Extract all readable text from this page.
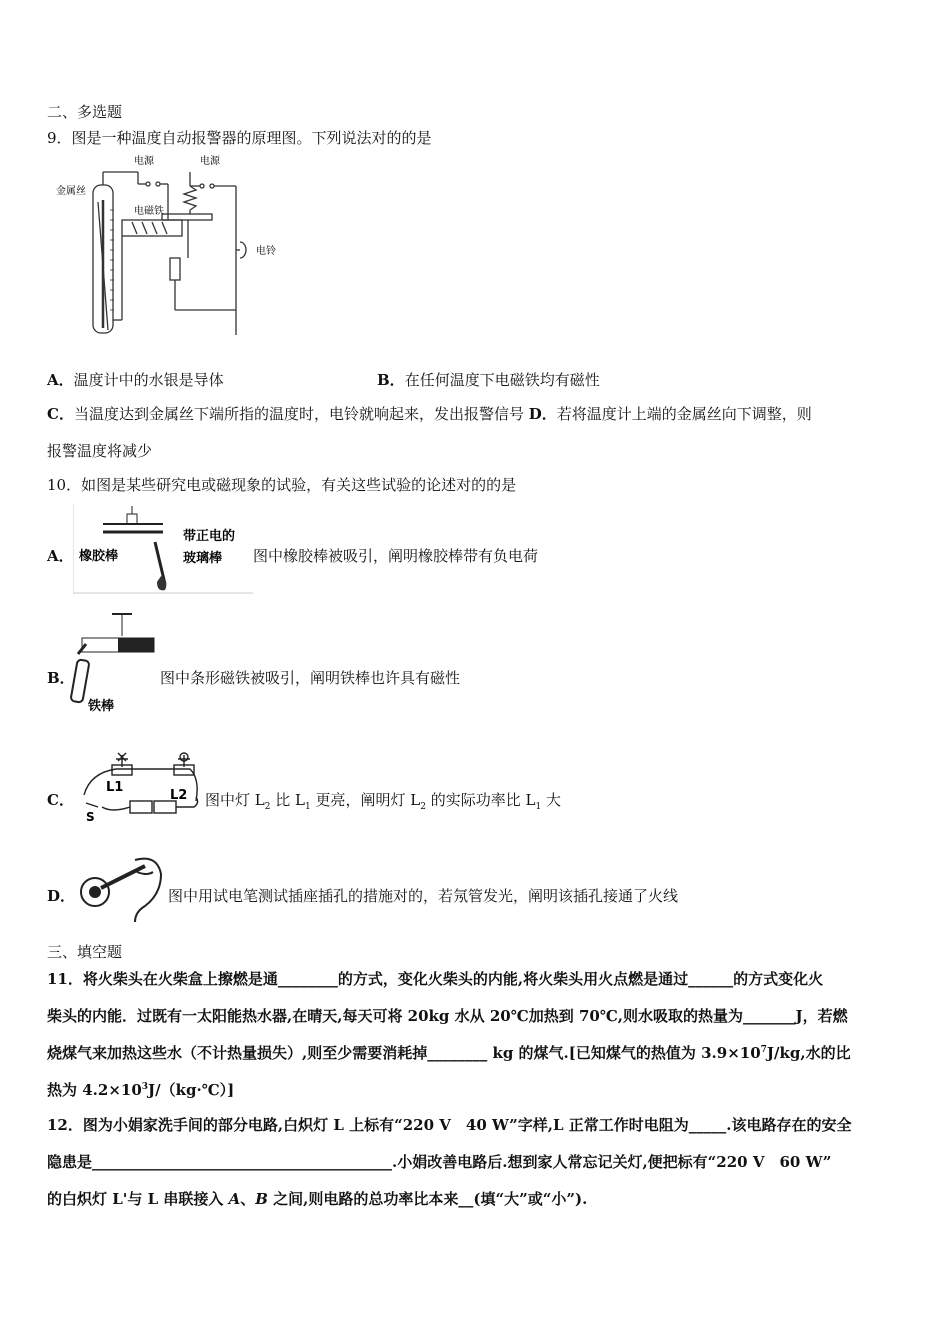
二、多选题
9．图是一种温度自动报警器的原理图。下列说法对的的是
金属丝
电源	电源
电磁铁
电铃
A．温度计中的水银是导体	B．在任何温度下电磁铁均有磁性
C．当温度达到金属丝下端所指的温度时，电铃就响起来，发出报警信号 D．若将温度计上端的金属丝向下调整，则
报警温度将减少
10．如图是某些研究电或磁现象的试验，有关这些试验的论述对的的是
A． 橡胶棒
带正电的
玻璃棒 图中橡胶棒被吸引，阐明橡胶棒带有负电荷
B．
铁棒
图中条形磁铁被吸引，阐明铁棒也许具有磁性
C．
L1
L2
S
图中灯 $L_2$ 比 $L_1$ 更亮，阐明灯 $L_2$ 的实际功率比 $L_1$ 大
D．	图中用试电笔测试插座插孔的措施对的，若氖管发光，阐明该插孔接通了火线
三、填空题
11．将火柴头在火柴盒上擦燃是通________的方式，变化火柴头的内能,将火柴头用火点燃是通过______的方式变化火
柴头的内能．过既有一太阳能热水器,在晴天,每天可将 20kg 水从 20℃加热到 70℃,则水吸取的热量为_______J，若燃
烧煤气来加热这些水（不计热量损失）,则至少需要消耗掉________ kg 的煤气.[已知煤气的热值为 $3.9\times 10^7J/kg$,水的比
热为 $4.2\times 10^3J/(kg\cdot℃)$]
12．图为小娟家洗手间的部分电路,白炽灯 L 上标有“220 V　40 W”字样,L 正常工作时电阻为_____.该电路存在的安全
隐患是________________________________________.小娟改善电路后.想到家人常忘记关灯,便把标有“220 V　60 W”
的白炽灯 L'与 L 串联接入 A、B 之间,则电路的总功率比本来__(填“大”或“小”).
